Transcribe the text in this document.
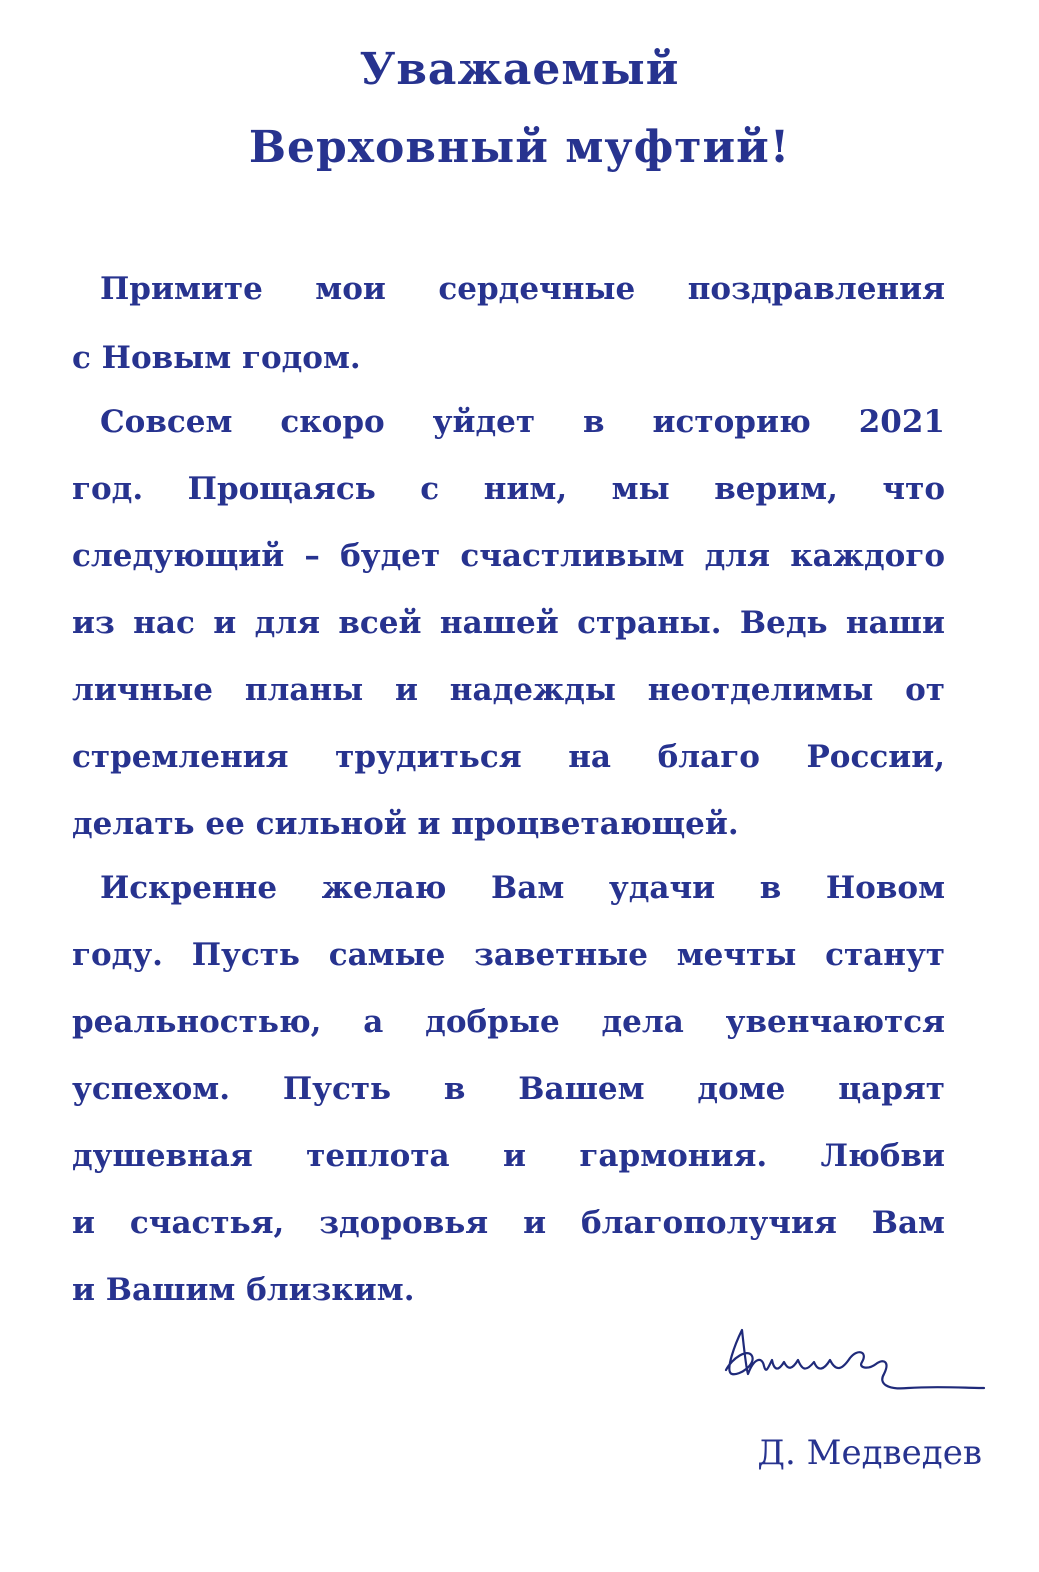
Уважаемый
Верховный муфтий!

Примите мои сердечные поздравления

с Новым годом.

Совсем скоро уйдет в историю 2021

год. Прощаясь с ним, мы верим, что

следующий – будет счастливым для каждого

из нас и для всей нашей страны. Ведь наши

личные планы и надежды неотделимы от

стремления трудиться на благо России,

делать ее сильной и процветающей.

Искренне желаю Вам удачи в Новом

году. Пусть самые заветные мечты станут

реальностью, а добрые дела увенчаются

успехом. Пусть в Вашем доме царят

душевная теплота и гармония. Любви

и счастья, здоровья и благополучия Вам

и Вашим близким.

Д. Медведев
